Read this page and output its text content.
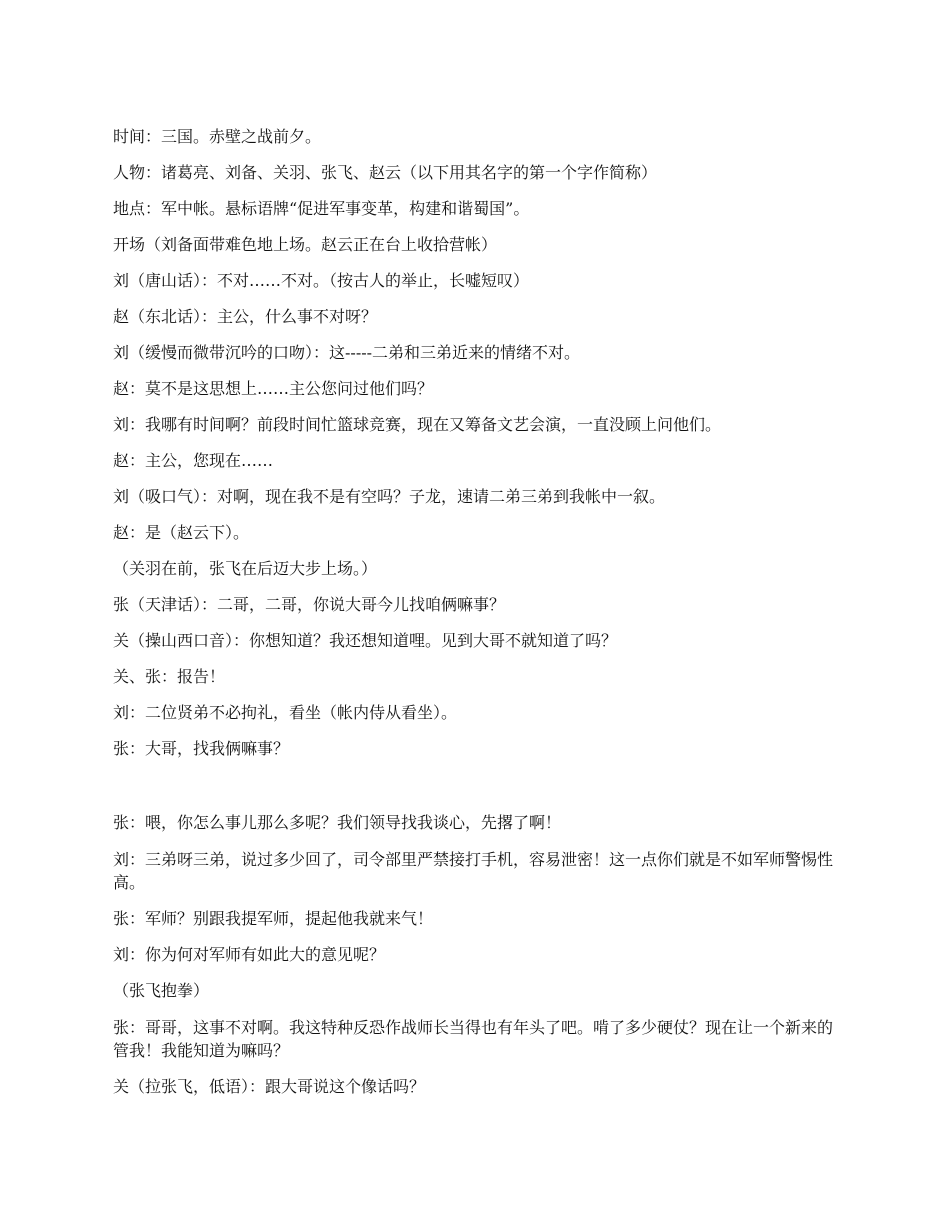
时间：三国。赤壁之战前夕。

人物：诸葛亮、刘备、关羽、张飞、赵云（以下用其名字的第一个字作简称）

地点：军中帐。悬标语牌“促进军事变革，构建和谐蜀国”。

开场（刘备面带难色地上场。赵云正在台上收拾营帐）

刘（唐山话）：不对……不对。（按古人的举止，长嘘短叹）

赵（东北话）：主公，什么事不对呀？

刘（缓慢而微带沉吟的口吻）：这-----二弟和三弟近来的情绪不对。

赵：莫不是这思想上……主公您问过他们吗？

刘：我哪有时间啊？前段时间忙篮球竞赛，现在又筹备文艺会演，一直没顾上问他们。

赵：主公，您现在……

刘（吸口气）：对啊，现在我不是有空吗？子龙，速请二弟三弟到我帐中一叙。

赵：是（赵云下）。

（关羽在前，张飞在后迈大步上场。）

张（天津话）：二哥，二哥，你说大哥今儿找咱俩嘛事？

关（操山西口音）：你想知道？我还想知道哩。见到大哥不就知道了吗？

关、张：报告！

刘：二位贤弟不必拘礼，看坐（帐内侍从看坐）。

张：大哥，找我俩嘛事？

张：喂，你怎么事儿那么多呢？我们领导找我谈心，先撂了啊！

刘：三弟呀三弟，说过多少回了，司令部里严禁接打手机，容易泄密！这一点你们就是不如军师警惕性高。

张：军师？别跟我提军师，提起他我就来气！

刘：你为何对军师有如此大的意见呢？

（张飞抱拳）

张：哥哥，这事不对啊。我这特种反恐作战师长当得也有年头了吧。啃了多少硬仗？现在让一个新来的管我！我能知道为嘛吗？

关（拉张飞，低语）：跟大哥说这个像话吗？
